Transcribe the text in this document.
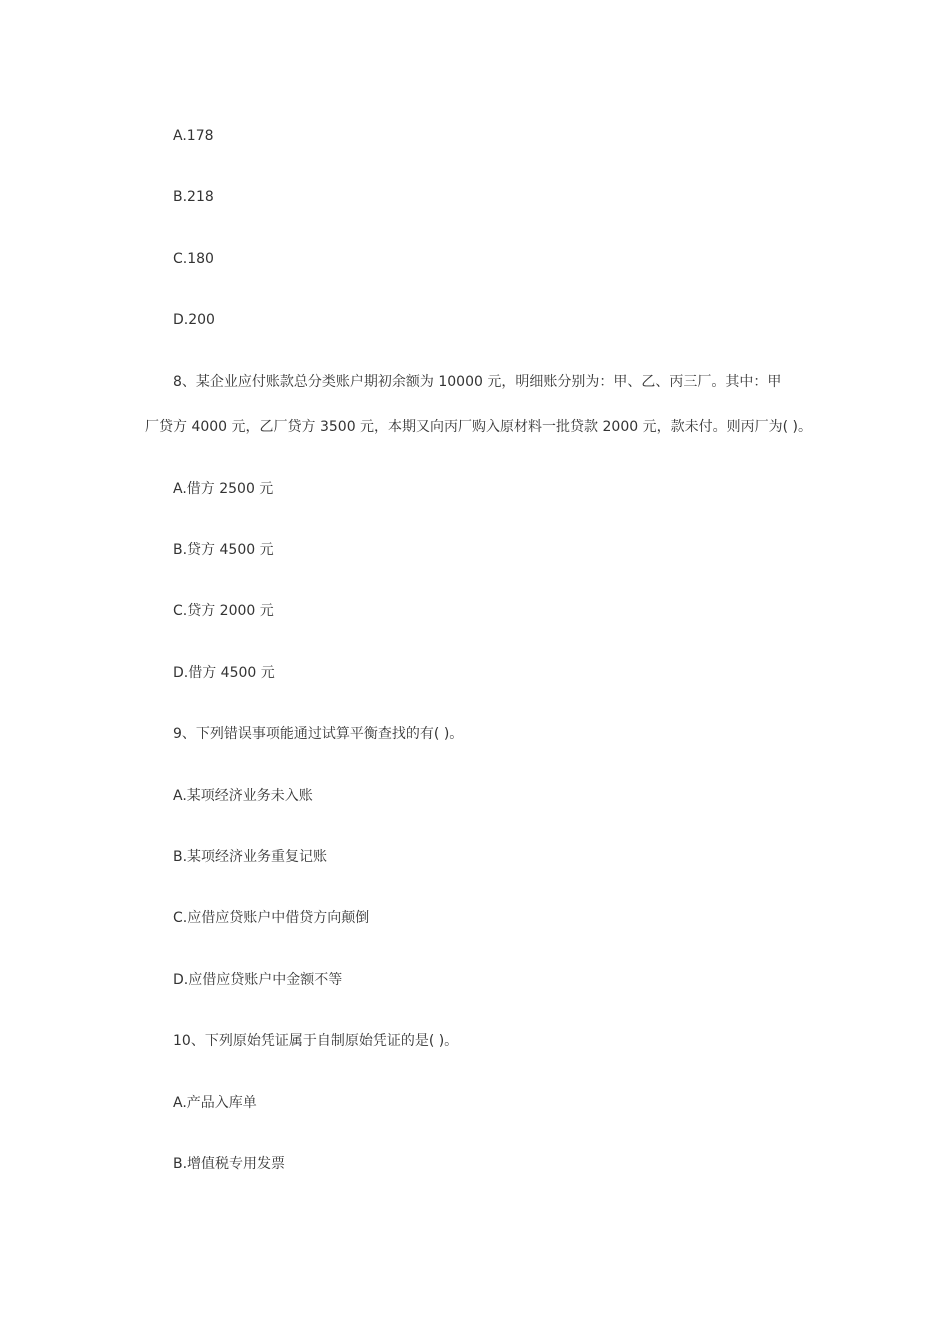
A.178
B.218
C.180
D.200
8、某企业应付账款总分类账户期初余额为 10000 元，明细账分别为：甲、乙、丙三厂。其中：甲
厂贷方 4000 元，乙厂贷方 3500 元，本期又向丙厂购入原材料一批贷款 2000 元，款未付。则丙厂为( )。
A.借方 2500 元
B.贷方 4500 元
C.贷方 2000 元
D.借方 4500 元
9、下列错误事项能通过试算平衡查找的有( )。
A.某项经济业务未入账
B.某项经济业务重复记账
C.应借应贷账户中借贷方向颠倒
D.应借应贷账户中金额不等
10、下列原始凭证属于自制原始凭证的是( )。
A.产品入库单
B.增值税专用发票
